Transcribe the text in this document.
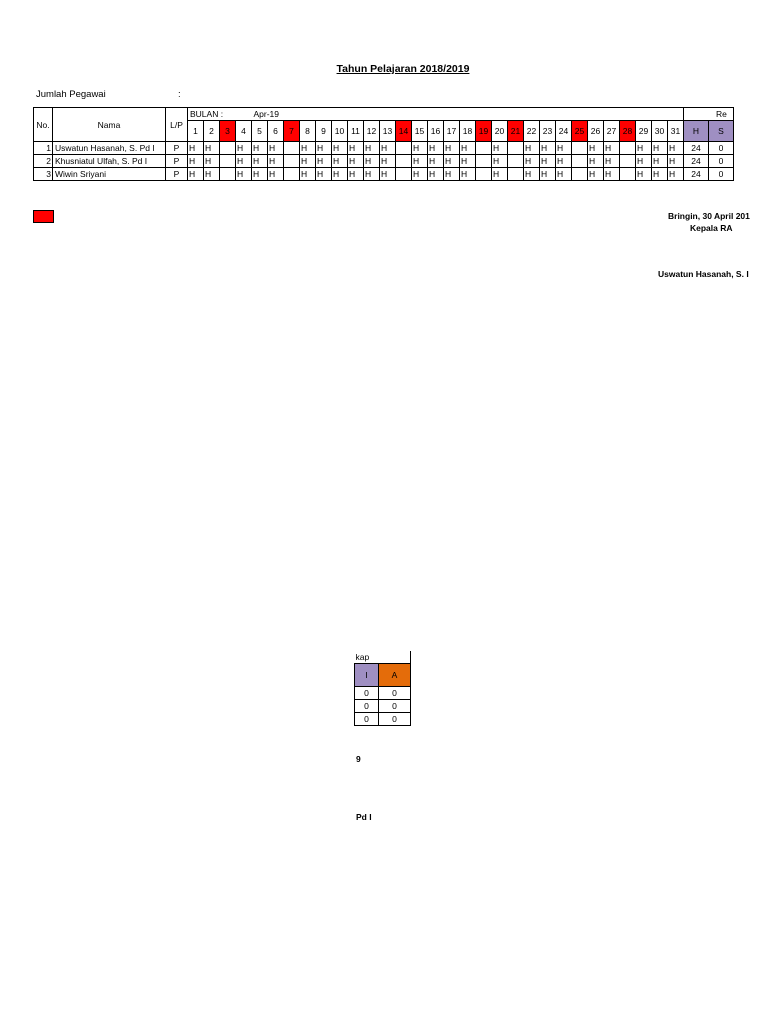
Tahun Pelajaran 2018/2019
Jumlah Pegawai	:
No.	Nama	L/P	BULAN :				Apr-19																											Re	
			1	2	3	4	5	6	7	8	9	10	11	12	13	14	15	16	17	18	19	20	21	22	23	24	25	26	27	28	29	30	31	H	S
1	Uswatun Hasanah, S. Pd I	P	H	H		H	H	H		H	H	H	H	H	H		H	H	H	H		H		H	H	H		H	H		H	H	H	24	0
2	Khusniatul Ulfah, S. Pd I	P	H	H		H	H	H		H	H	H	H	H	H		H	H	H	H		H		H	H	H		H	H		H	H	H	24	0
3	Wiwin Sriyani	P	H	H		H	H	H		H	H	H	H	H	H		H	H	H	H		H		H	H	H		H	H		H	H	H	24	0
Bringin, 30 April 201
Kepala RA
Uswatun Hasanah, S. I
kap	
I	A
0	0
0	0
0	0
9
Pd I
